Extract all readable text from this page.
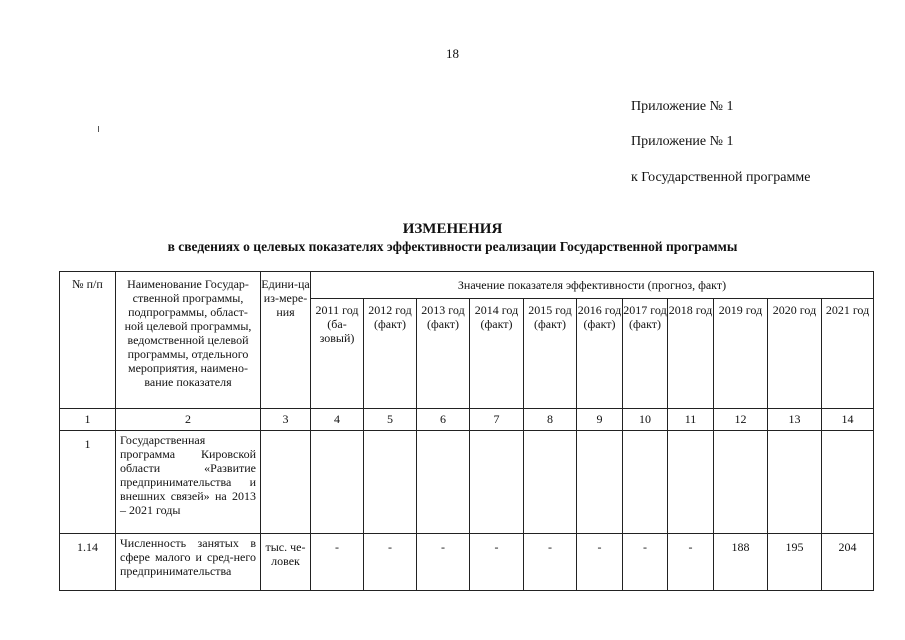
18
Приложение № 1
Приложение № 1
к Государственной программе
ИЗМЕНЕНИЯ
в сведениях о целевых показателях эффективности реализации Государственной программы
№ п/п	Наименование Государ-ственной программы, подпрограммы, област-ной целевой программы, ведомственной целевой программы, отдельного мероприятия, наимено-вание показателя	Едини-ца из-мере-ния	Значение показателя эффективности (прогноз, факт)										
			2011 год (ба-зовый)	2012 год (факт)	2013 год (факт)	2014 год (факт)	2015 год (факт)	2016 год (факт)	2017 год (факт)	2018 год	2019 год	2020 год	2021 год
1	2	3	4	5	6	7	8	9	10	11	12	13	14
1	Государственная программа Кировской области «Развитие предпринимательства и внешних связей» на 2013 – 2021 годы												
1.14	Численность занятых в сфере малого и сред-него предпринимательства	тыс. че-ловек	-	-	-	-	-	-	-	-	188	195	204
